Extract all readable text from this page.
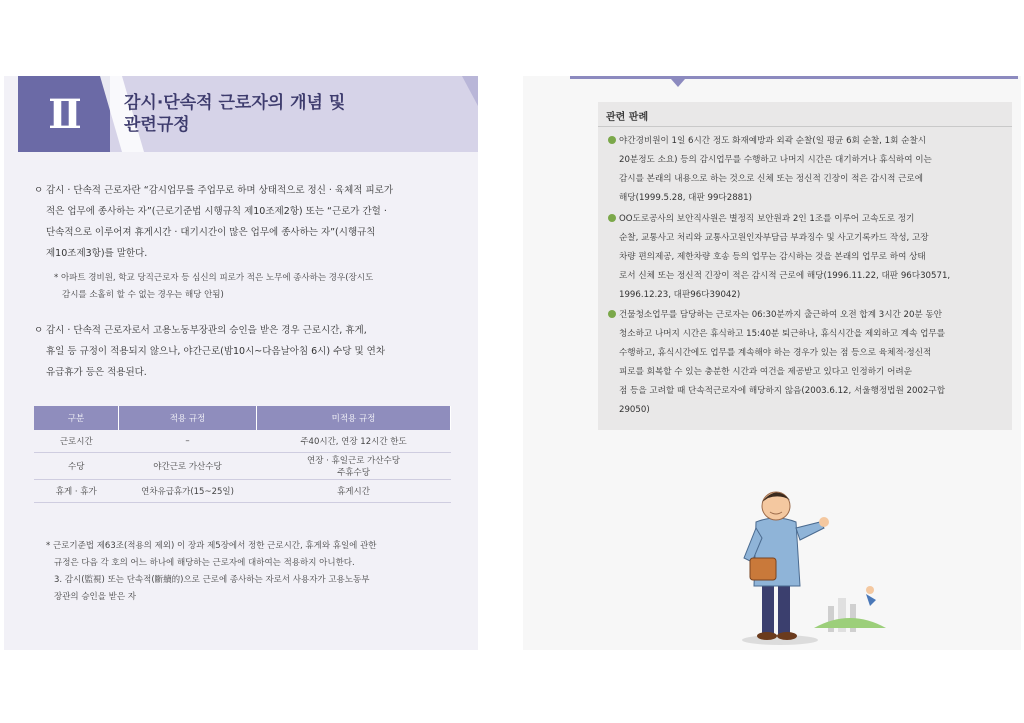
Ⅱ	감시·단속적 근로자의 개념 및
관련규정
ㅇ 감시 · 단속적 근로자란 “감시업무를 주업무로 하며 상태적으로 정신 · 육체적 피로가
적은 업무에 종사하는 자”(근로기준법 시행규칙 제10조제2항) 또는 “근로가 간헐 ·
단속적으로 이루어져 휴게시간 · 대기시간이 많은 업무에 종사하는 자”(시행규칙
제10조제3항)를 말한다.
* 아파트 경비원, 학교 당직근로자 등 심신의 피로가 적은 노무에 종사하는 경우(장시도
감시를 소홀히 할 수 없는 경우는 해당 안됨)
ㅇ 감시 · 단속적 근로자로서 고용노동부장관의 승인을 받은 경우 근로시간, 휴게,
휴일 등 규정이 적용되지 않으나, 야간근로(밤10시~다음날아침 6시) 수당 및 연차
유급휴가 등은 적용된다.
구분	적용 규정	미적용 규정
근로시간	–	주40시간, 연장 12시간 한도

수당	야간근로 가산수당	연장 · 휴일근로 가산수당
주휴수당

휴게 · 휴가	연차유급휴가(15~25일)	휴게시간
* 근로기준법 제63조(적용의 제외) 이 장과 제5장에서 정한 근로시간, 휴게와 휴일에 관한
규정은 다음 각 호의 어느 하나에 해당하는 근로자에 대하여는 적용하지 아니한다.
3. 감시(監視) 또는 단속적(斷續的)으로 근로에 종사하는 자로서 사용자가 고용노동부
장관의 승인을 받은 자
관련 판례
야간경비원이 1일 6시간 정도 화재예방과 외곽 순찰(일 평균 6회 순찰, 1회 순찰시
20분정도 소요) 등의 감시업무를 수행하고 나머지 시간은 대기하거나 휴식하여 이는
감시를 본래의 내용으로 하는 것으로 신체 또는 정신적 긴장이 적은 감시적 근로에
해당(1999.5.28, 대판 99다2881)
OO도로공사의 보안직사원은 별정직 보안원과 2인 1조를 이루어 고속도로 정기
순찰, 교통사고 처리와 교통사고원인자부담금 부과징수 및 사고기록카드 작성, 고장
차량 편의제공, 제한차량 호송 등의 업무는 감시하는 것을 본래의 업무로 하여 상태
로서 신체 또는 정신적 긴장이 적은 감시적 근로에 해당(1996.11.22, 대판 96다30571,
1996.12.23, 대판96다39042)
건물청소업무를 담당하는 근로자는 06:30분까지 출근하여 오전 합계 3시간 20분 동안
청소하고 나머지 시간은 휴식하고 15:40분 퇴근하나, 휴식시간을 제외하고 계속 업무를
수행하고, 휴식시간에도 업무를 계속해야 하는 경우가 있는 점 등으로 육체적·정신적
피로를 회복할 수 있는 충분한 시간과 여건을 제공받고 있다고 인정하기 어려운
점 등을 고려할 때 단속적근로자에 해당하지 않음(2003.6.12, 서울행정법원 2002구합
29050)
